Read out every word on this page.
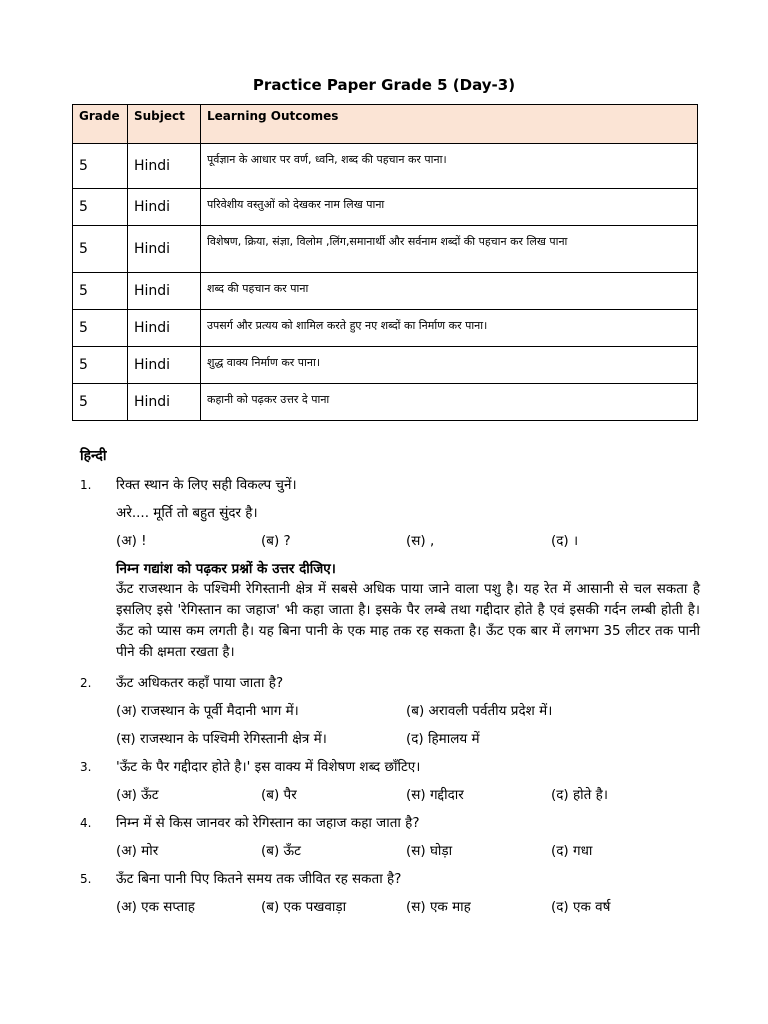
Practice Paper Grade 5 (Day-3)
Grade	Subject	Learning Outcomes
5	Hindi	पूर्वज्ञान के आधार पर वर्ण, ध्वनि, शब्द की पहचान कर पाना।
5	Hindi	परिवेशीय वस्तुओं को देखकर नाम लिख पाना
5	Hindi	विशेषण, क्रिया, संज्ञा, विलोम ,लिंग,समानार्थी और सर्वनाम शब्दों की पहचान कर लिख पाना
5	Hindi	शब्द की पहचान कर पाना
5	Hindi	उपसर्ग और प्रत्यय को शामिल करते हुए नए शब्दों का निर्माण कर पाना।
5	Hindi	शुद्ध वाक्य निर्माण कर पाना।
5	Hindi	कहानी को पढ़कर उत्तर दे पाना
हिन्दी
1.	रिक्त स्थान के लिए सही विकल्प चुनें।
अरे.... मूर्ति तो बहुत सुंदर है।
(अ) !	(ब) ?	(स) ,	(द) ।
निम्न गद्यांश को पढ़कर प्रश्नों के उत्तर दीजिए।
ऊँट राजस्थान के पश्चिमी रेगिस्तानी क्षेत्र में सबसे अधिक पाया जाने वाला पशु है। यह रेत में आसानी से चल सकता है इसलिए इसे 'रेगिस्तान का जहाज' भी कहा जाता है। इसके पैर लम्बे तथा गद्दीदार होते है एवं इसकी गर्दन लम्बी होती है। ऊँट को प्यास कम लगती है। यह बिना पानी के एक माह तक रह सकता है। ऊँट एक बार में लगभग 35 लीटर तक पानी पीने की क्षमता रखता है।
2.	ऊँट अधिकतर कहाँ पाया जाता है?
(अ) राजस्थान के पूर्वी मैदानी भाग में।	(ब) अरावली पर्वतीय प्रदेश में।
(स) राजस्थान के पश्चिमी रेगिस्तानी क्षेत्र में।	(द) हिमालय में
3.	'ऊँट के पैर गद्दीदार होते है।' इस वाक्य में विशेषण शब्द छाँटिए।
(अ) ऊँट	(ब) पैर	(स) गद्दीदार	(द) होते है।
4.	निम्न में से किस जानवर को रेगिस्तान का जहाज कहा जाता है?
(अ) मोर	(ब) ऊँट	(स) घोड़ा	(द) गधा
5.	ऊँट बिना पानी पिए कितने समय तक जीवित रह सकता है?
(अ) एक सप्ताह	(ब) एक पखवाड़ा	(स) एक माह	(द) एक वर्ष
